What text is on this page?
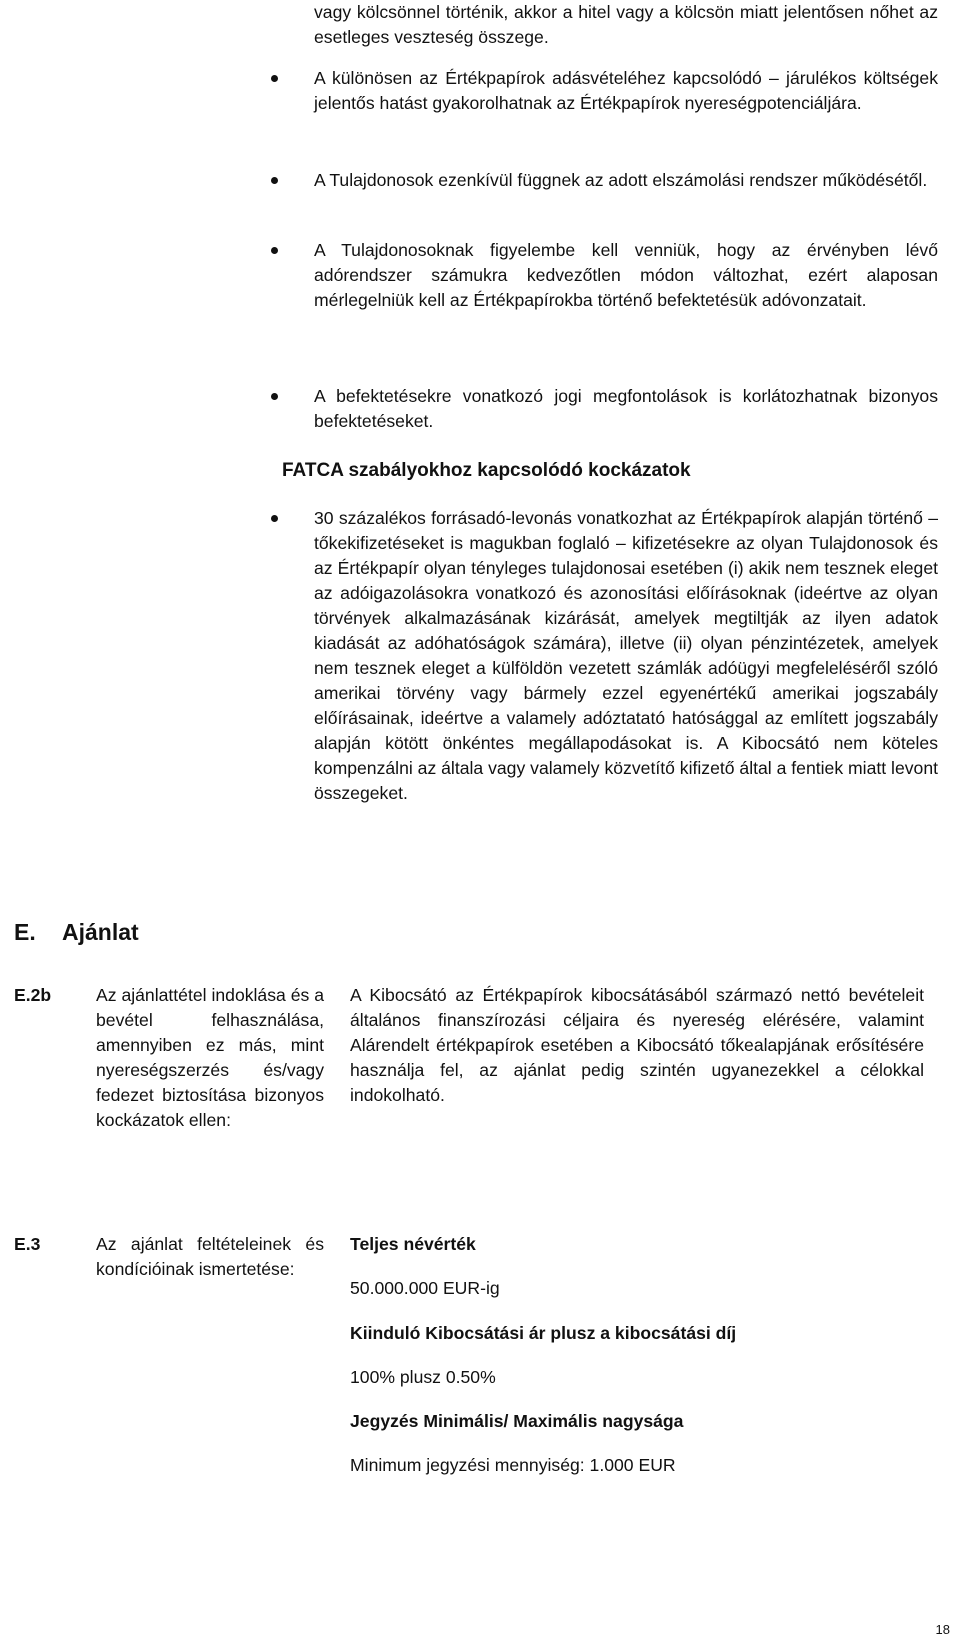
vagy kölcsönnel történik, akkor a hitel vagy a kölcsön miatt jelentősen nőhet az esetleges veszteség összege.

A különösen az Értékpapírok adásvételéhez kapcsolódó – járulékos költségek jelentős hatást gyakorolhatnak az Értékpapírok nyereségpotenciáljára.
A Tulajdonosok ezenkívül függnek az adott elszámolási rendszer működésétől.
A Tulajdonosoknak figyelembe kell venniük, hogy az érvényben lévő adórendszer számukra kedvezőtlen módon változhat, ezért alaposan mérlegelniük kell az Értékpapírokba történő befektetésük adóvonzatait.
A befektetésekre vonatkozó jogi megfontolások is korlátozhatnak bizonyos befektetéseket.
FATCA szabályokhoz kapcsolódó kockázatok
30 százalékos forrásadó-levonás vonatkozhat az Értékpapírok alapján történő – tőkekifizetéseket is magukban foglaló – kifizetésekre az olyan Tulajdonosok és az Értékpapír olyan tényleges tulajdonosai esetében (i) akik nem tesznek eleget az adóigazolásokra vonatkozó és azonosítási előírásoknak (ideértve az olyan törvények alkalmazásának kizárását, amelyek megtiltják az ilyen adatok kiadását az adóhatóságok számára), illetve (ii) olyan pénzintézetek, amelyek nem tesznek eleget a külföldön vezetett számlák adóügyi megfeleléséről szóló amerikai törvény vagy bármely ezzel egyenértékű amerikai jogszabály előírásainak, ideértve a valamely adóztatató hatósággal az említett jogszabály alapján kötött önkéntes megállapodásokat is. A Kibocsátó nem köteles kompenzálni az általa vagy valamely közvetítő kifizető által a fentiek miatt levont összegeket.
E. Ajánlat
E.2b	Az ajánlattétel indoklása és a bevétel felhasználása, amennyiben ez más, mint nyereségszerzés és/vagy fedezet biztosítása bizonyos kockázatok ellen:

A Kibocsátó az Értékpapírok kibocsátásából származó nettó bevételeit általános finanszírozási céljaira és nyereség elérésére, valamint Alárendelt értékpapírok esetében a Kibocsátó tőkealapjának erősítésére használja fel, az ajánlat pedig szintén ugyanezekkel a célokkal indokolható.

E.3	Az ajánlat feltételeinek és kondícióinak ismertetése:

Teljes névérték

50.000.000 EUR-ig

Kiinduló Kibocsátási ár plusz a kibocsátási díj

100% plusz 0.50%

Jegyzés Minimális/ Maximális nagysága

Minimum jegyzési mennyiség: 1.000 EUR

18
